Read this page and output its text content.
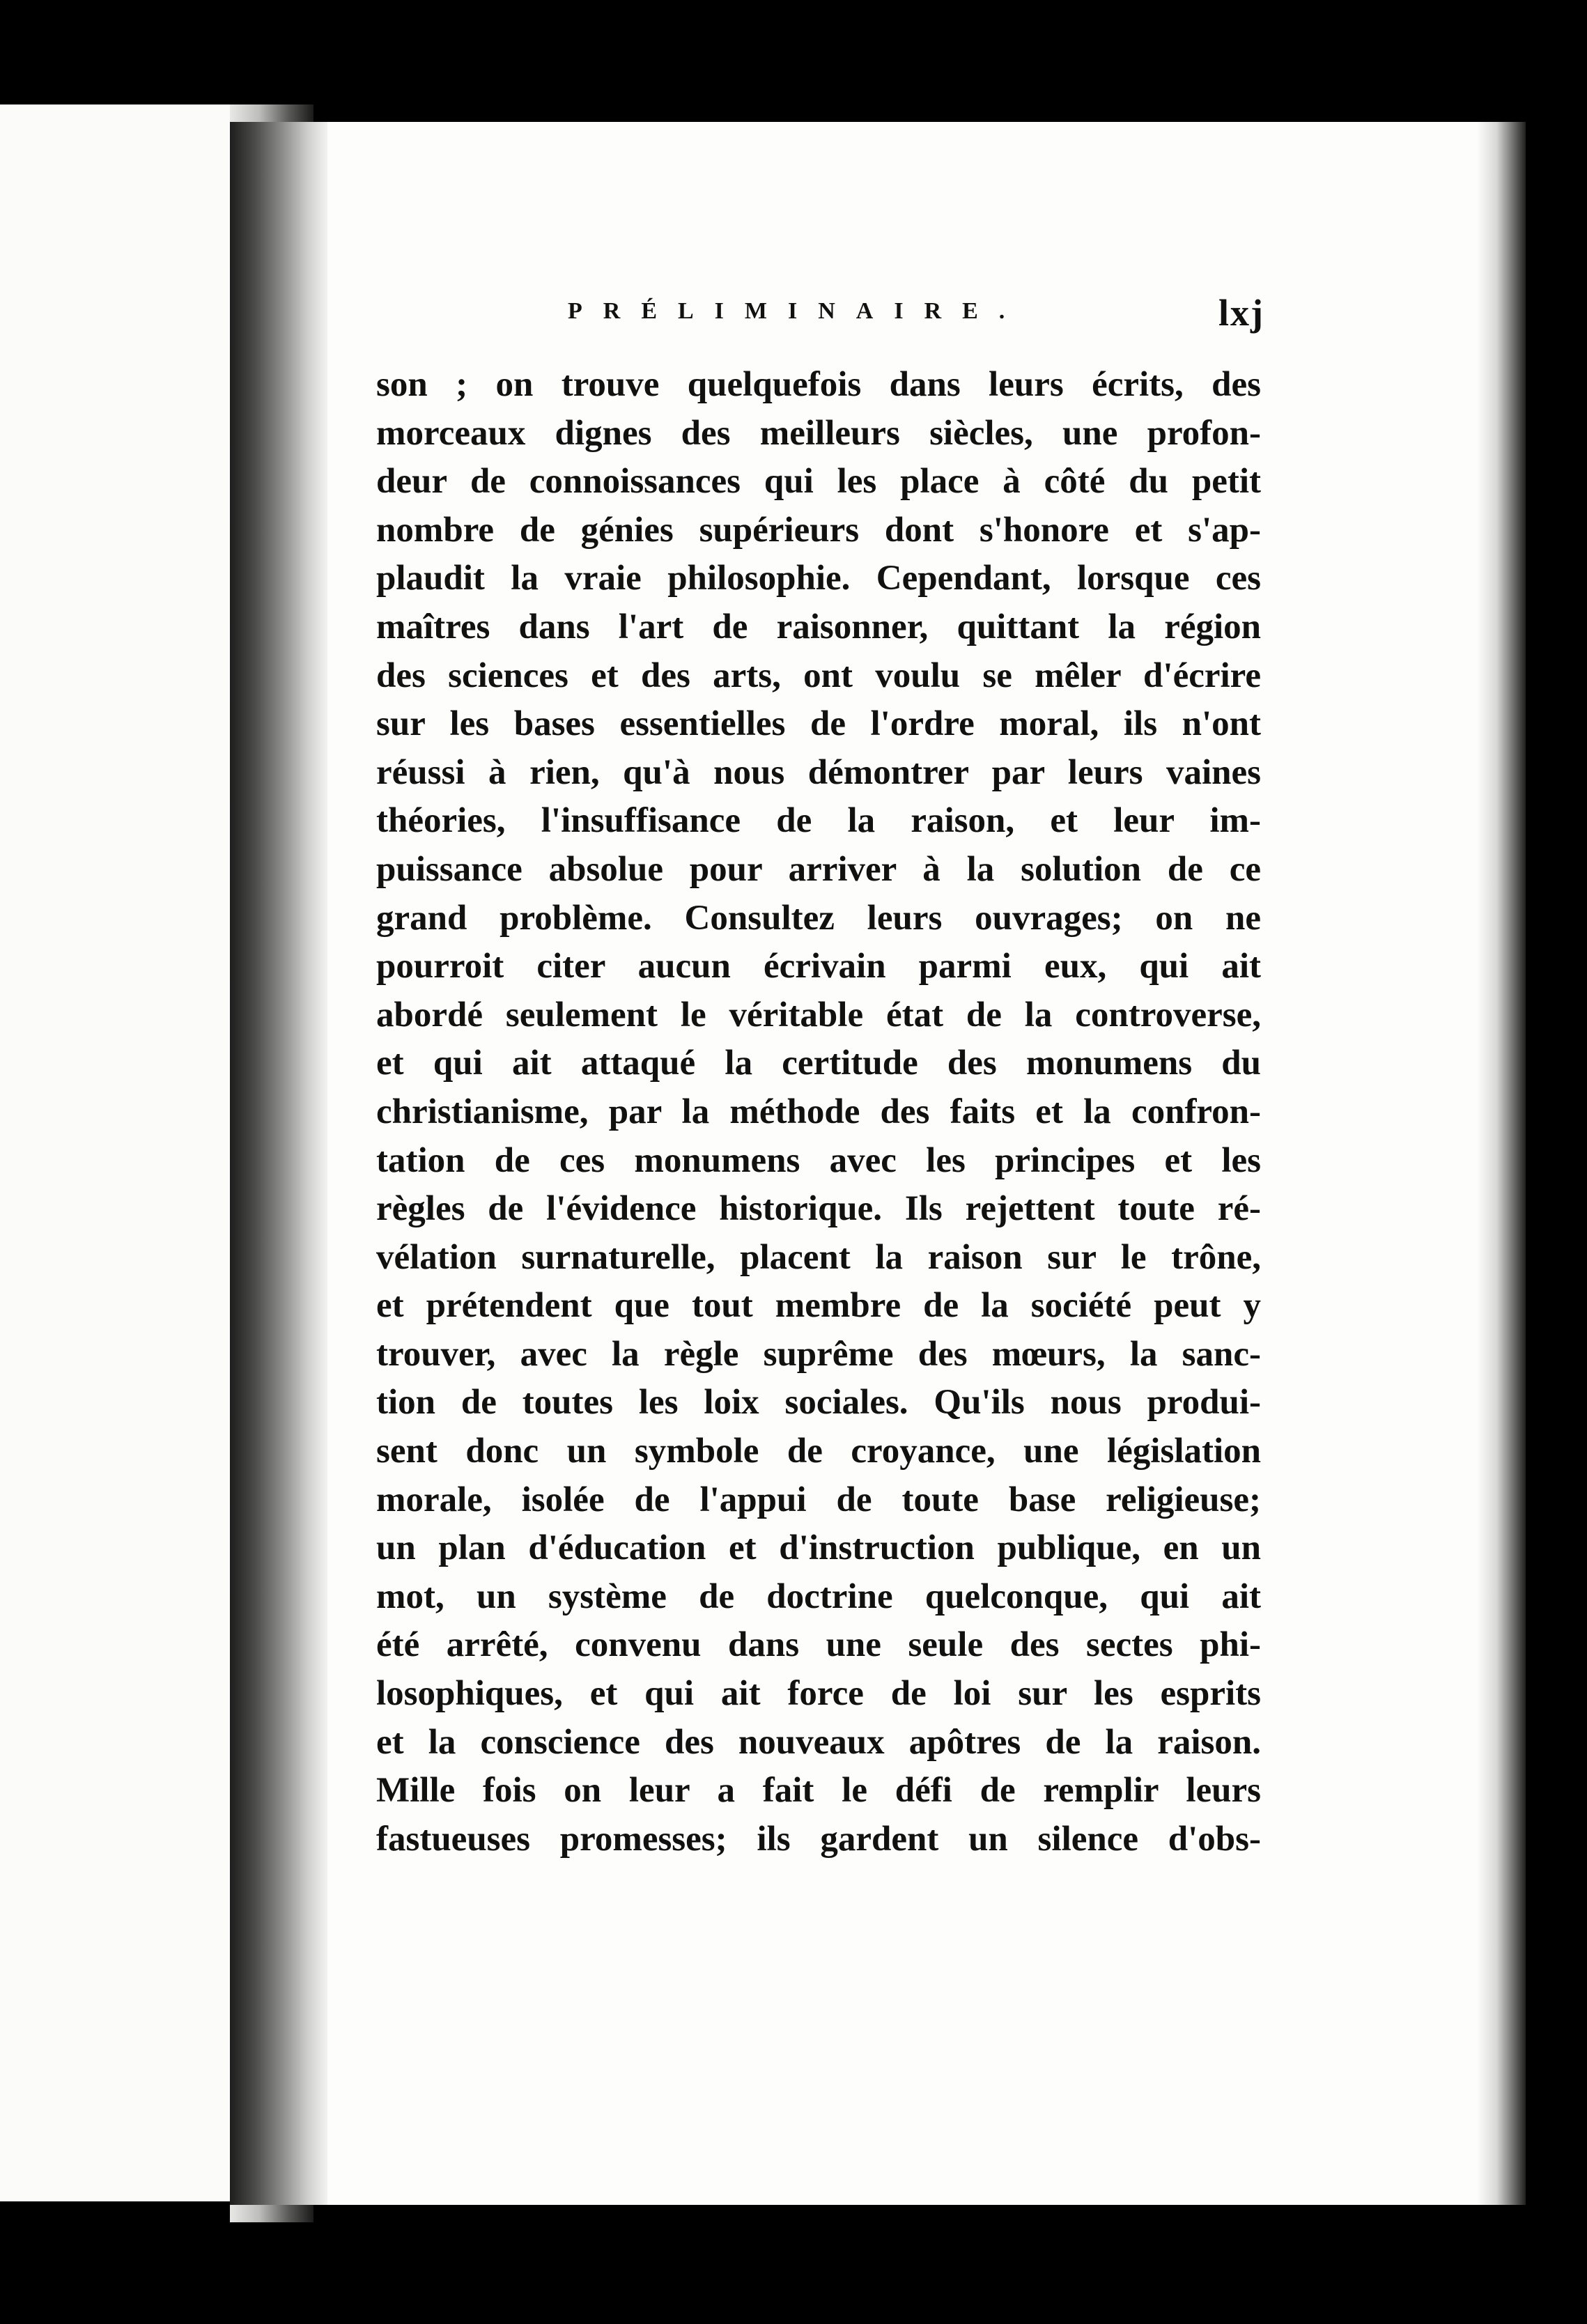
PRÉLIMINAIRE.	lxj
son ; on trouve quelquefois dans leurs écrits, des
morceaux dignes des meilleurs siècles, une profon-
deur de connoissances qui les place à côté du petit
nombre de génies supérieurs dont s'honore et s'ap-
plaudit la vraie philosophie. Cependant, lorsque ces
maîtres dans l'art de raisonner, quittant la région
des sciences et des arts, ont voulu se mêler d'écrire
sur les bases essentielles de l'ordre moral, ils n'ont
réussi à rien, qu'à nous démontrer par leurs vaines
théories, l'insuffisance de la raison, et leur im-
puissance absolue pour arriver à la solution de ce
grand problème. Consultez leurs ouvrages; on ne
pourroit citer aucun écrivain parmi eux, qui ait
abordé seulement le véritable état de la controverse,
et qui ait attaqué la certitude des monumens du
christianisme, par la méthode des faits et la confron-
tation de ces monumens avec les principes et les
règles de l'évidence historique. Ils rejettent toute ré-
vélation surnaturelle, placent la raison sur le trône,
et prétendent que tout membre de la société peut y
trouver, avec la règle suprême des mœurs, la sanc-
tion de toutes les loix sociales. Qu'ils nous produi-
sent donc un symbole de croyance, une législation
morale, isolée de l'appui de toute base religieuse;
un plan d'éducation et d'instruction publique, en un
mot, un système de doctrine quelconque, qui ait
été arrêté, convenu dans une seule des sectes phi-
losophiques, et qui ait force de loi sur les esprits
et la conscience des nouveaux apôtres de la raison.
Mille fois on leur a fait le défi de remplir leurs
fastueuses promesses; ils gardent un silence d'obs-
